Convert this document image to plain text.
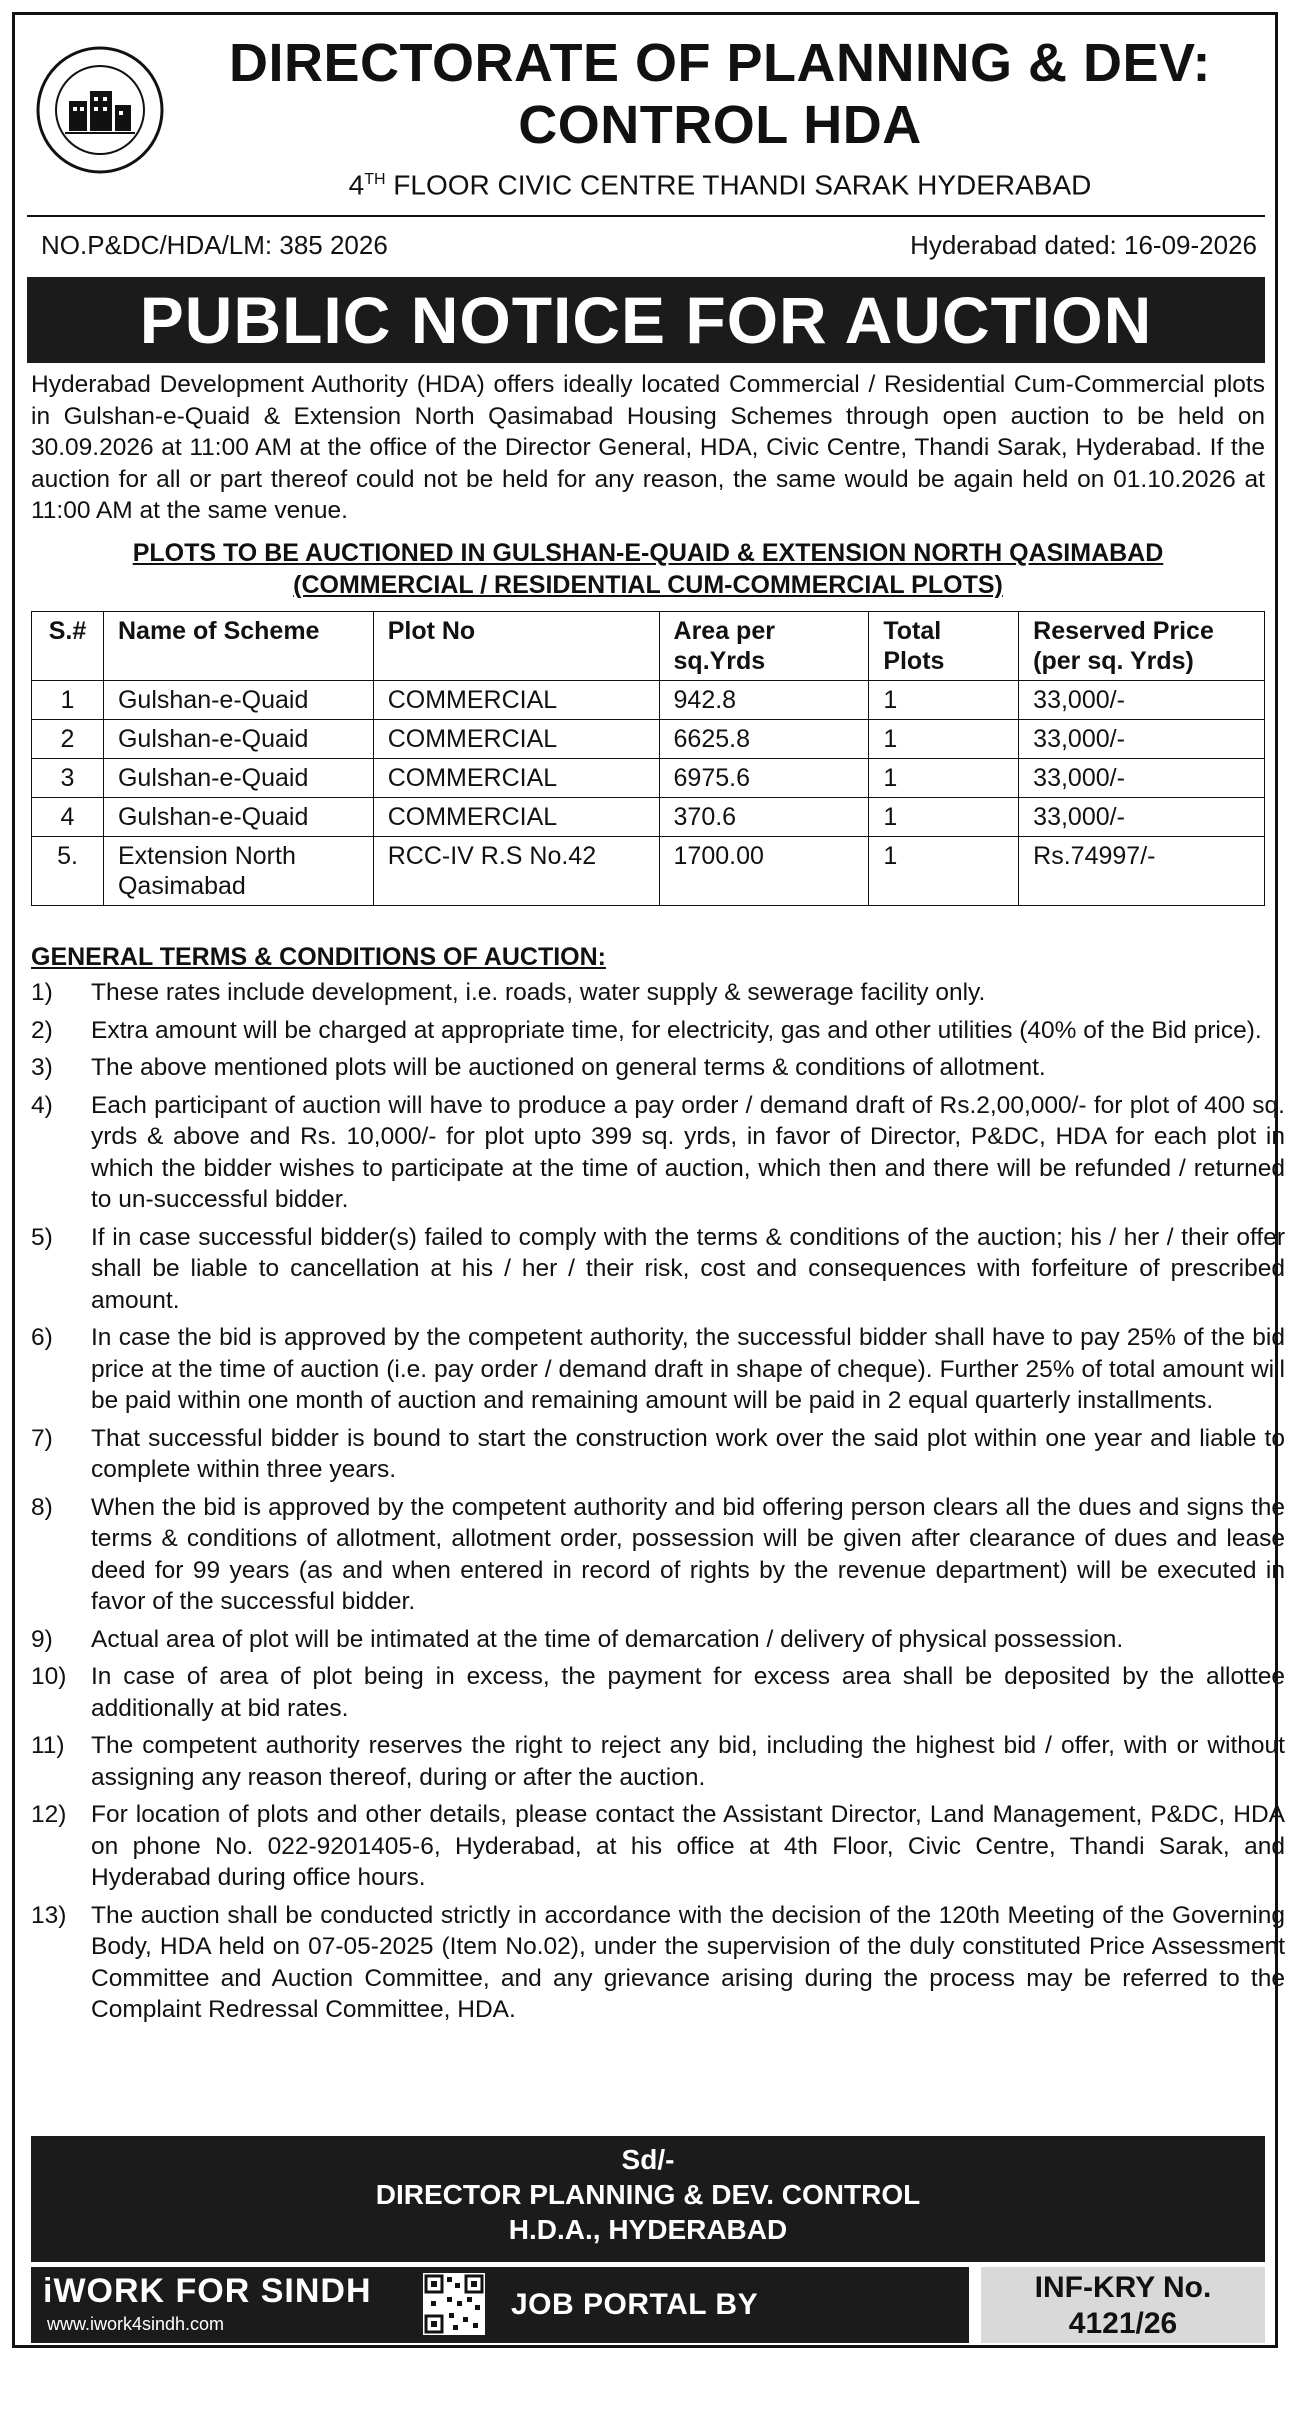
DIRECTORATE OF PLANNING & DEV:
CONTROL HDA
4TH FLOOR CIVIC CENTRE THANDI SARAK HYDERABAD
NO.P&DC/HDA/LM: 385 2026	Hyderabad dated: 16-09-2026
PUBLIC NOTICE FOR AUCTION
Hyderabad Development Authority (HDA) offers ideally located Commercial / Residential Cum-Commercial plots in Gulshan-e-Quaid & Extension North Qasimabad Housing Schemes through open auction to be held on 30.09.2026 at 11:00 AM at the office of the Director General, HDA, Civic Centre, Thandi Sarak, Hyderabad. If the auction for all or part thereof could not be held for any reason, the same would be again held on 01.10.2026 at 11:00 AM at the same venue.
PLOTS TO BE AUCTIONED IN GULSHAN-E-QUAID & EXTENSION NORTH QASIMABAD
(COMMERCIAL / RESIDENTIAL CUM-COMMERCIAL PLOTS)
S.#	Name of Scheme	Plot No	Area per sq.Yrds	Total Plots	Reserved Price (per sq. Yrds)
1	Gulshan-e-Quaid	COMMERCIAL	942.8	1	33,000/-
2	Gulshan-e-Quaid	COMMERCIAL	6625.8	1	33,000/-
3	Gulshan-e-Quaid	COMMERCIAL	6975.6	1	33,000/-
4	Gulshan-e-Quaid	COMMERCIAL	370.6	1	33,000/-
5.	Extension North Qasimabad	RCC-IV R.S No.42	1700.00	1	Rs.74997/-
GENERAL TERMS & CONDITIONS OF AUCTION:
1)	These rates include development, i.e. roads, water supply & sewerage facility only.
2)	Extra amount will be charged at appropriate time, for electricity, gas and other utilities (40% of the Bid price).
3)	The above mentioned plots will be auctioned on general terms & conditions of allotment.
4)	Each participant of auction will have to produce a pay order / demand draft of Rs.2,00,000/- for plot of 400 sq. yrds & above and Rs. 10,000/- for plot upto 399 sq. yrds, in favor of Director, P&DC, HDA for each plot in which the bidder wishes to participate at the time of auction, which then and there will be refunded / returned to un-successful bidder.
5)	If in case successful bidder(s) failed to comply with the terms & conditions of the auction; his / her / their offer shall be liable to cancellation at his / her / their risk, cost and consequences with forfeiture of prescribed amount.
6)	In case the bid is approved by the competent authority, the successful bidder shall have to pay 25% of the bid price at the time of auction (i.e. pay order / demand draft in shape of cheque). Further 25% of total amount will be paid within one month of auction and remaining amount will be paid in 2 equal quarterly installments.
7)	That successful bidder is bound to start the construction work over the said plot within one year and liable to complete within three years.
8)	When the bid is approved by the competent authority and bid offering person clears all the dues and signs the terms & conditions of allotment, allotment order, possession will be given after clearance of dues and lease deed for 99 years (as and when entered in record of rights by the revenue department) will be executed in favor of the successful bidder.
9)	Actual area of plot will be intimated at the time of demarcation / delivery of physical possession.
10)	In case of area of plot being in excess, the payment for excess area shall be deposited by the allottee additionally at bid rates.
11)	The competent authority reserves the right to reject any bid, including the highest bid / offer, with or without assigning any reason thereof, during or after the auction.
12)	For location of plots and other details, please contact the Assistant Director, Land Management, P&DC, HDA on phone No. 022-9201405-6, Hyderabad, at his office at 4th Floor, Civic Centre, Thandi Sarak, and Hyderabad during office hours.
13)	The auction shall be conducted strictly in accordance with the decision of the 120th Meeting of the Governing Body, HDA held on 07-05-2025 (Item No.02), under the supervision of the duly constituted Price Assessment Committee and Auction Committee, and any grievance arising during the process may be referred to the Complaint Redressal Committee, HDA.
Sd/-
DIRECTOR PLANNING & DEV. CONTROL
H.D.A., HYDERABAD
iWORK FOR SINDH
www.iwork4sindh.com
JOB PORTAL BY INFORMATION DEPARTMENT
INF-KRY No.
4121/26
